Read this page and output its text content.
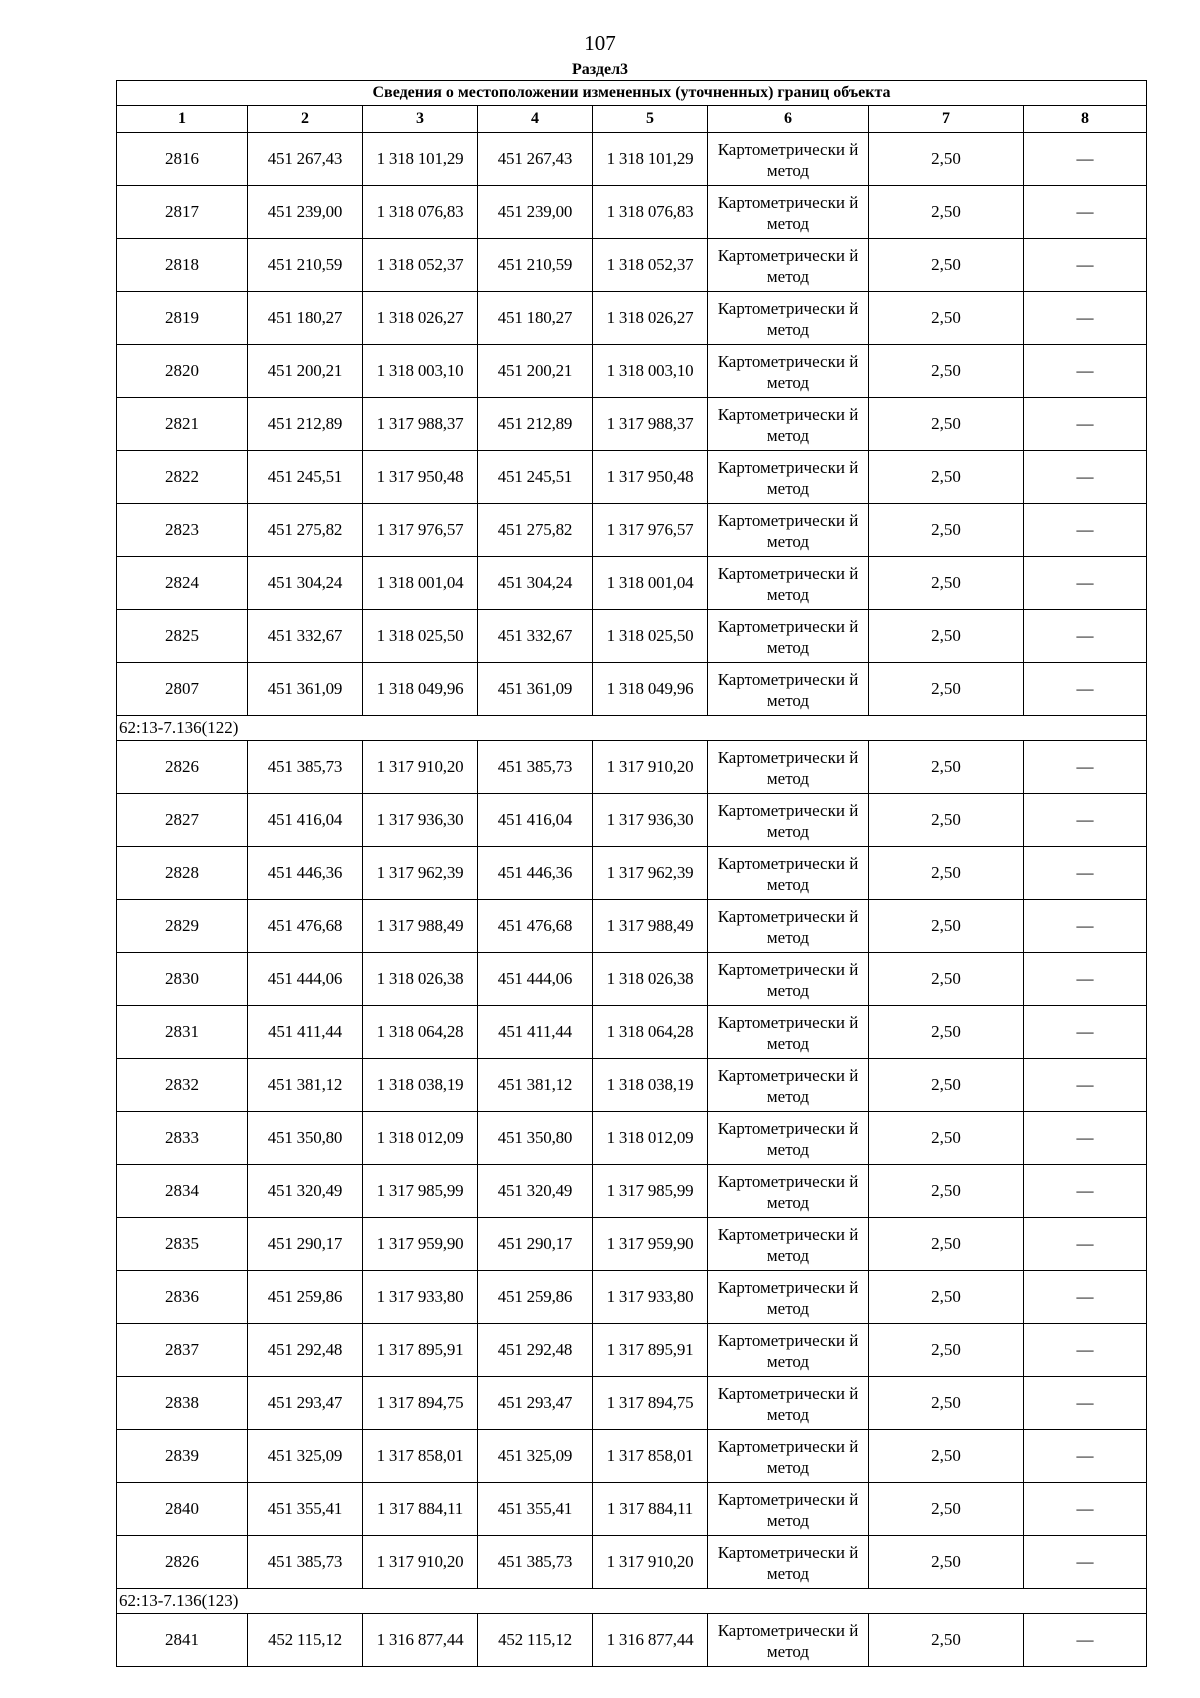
107
Раздел3
Сведения о местоположении измененных (уточненных) границ объекта							
1	2	3	4	5	6	7	8
2816	451 267,43	1 318 101,29	451 267,43	1 318 101,29	Картометрически й метод	2,50	—
2817	451 239,00	1 318 076,83	451 239,00	1 318 076,83	Картометрически й метод	2,50	—
2818	451 210,59	1 318 052,37	451 210,59	1 318 052,37	Картометрически й метод	2,50	—
2819	451 180,27	1 318 026,27	451 180,27	1 318 026,27	Картометрически й метод	2,50	—
2820	451 200,21	1 318 003,10	451 200,21	1 318 003,10	Картометрически й метод	2,50	—
2821	451 212,89	1 317 988,37	451 212,89	1 317 988,37	Картометрически й метод	2,50	—
2822	451 245,51	1 317 950,48	451 245,51	1 317 950,48	Картометрически й метод	2,50	—
2823	451 275,82	1 317 976,57	451 275,82	1 317 976,57	Картометрически й метод	2,50	—
2824	451 304,24	1 318 001,04	451 304,24	1 318 001,04	Картометрически й метод	2,50	—
2825	451 332,67	1 318 025,50	451 332,67	1 318 025,50	Картометрически й метод	2,50	—
2807	451 361,09	1 318 049,96	451 361,09	1 318 049,96	Картометрически й метод	2,50	—
62:13-7.136(122)							
2826	451 385,73	1 317 910,20	451 385,73	1 317 910,20	Картометрически й метод	2,50	—
2827	451 416,04	1 317 936,30	451 416,04	1 317 936,30	Картометрически й метод	2,50	—
2828	451 446,36	1 317 962,39	451 446,36	1 317 962,39	Картометрически й метод	2,50	—
2829	451 476,68	1 317 988,49	451 476,68	1 317 988,49	Картометрически й метод	2,50	—
2830	451 444,06	1 318 026,38	451 444,06	1 318 026,38	Картометрически й метод	2,50	—
2831	451 411,44	1 318 064,28	451 411,44	1 318 064,28	Картометрически й метод	2,50	—
2832	451 381,12	1 318 038,19	451 381,12	1 318 038,19	Картометрически й метод	2,50	—
2833	451 350,80	1 318 012,09	451 350,80	1 318 012,09	Картометрически й метод	2,50	—
2834	451 320,49	1 317 985,99	451 320,49	1 317 985,99	Картометрически й метод	2,50	—
2835	451 290,17	1 317 959,90	451 290,17	1 317 959,90	Картометрически й метод	2,50	—
2836	451 259,86	1 317 933,80	451 259,86	1 317 933,80	Картометрически й метод	2,50	—
2837	451 292,48	1 317 895,91	451 292,48	1 317 895,91	Картометрически й метод	2,50	—
2838	451 293,47	1 317 894,75	451 293,47	1 317 894,75	Картометрически й метод	2,50	—
2839	451 325,09	1 317 858,01	451 325,09	1 317 858,01	Картометрически й метод	2,50	—
2840	451 355,41	1 317 884,11	451 355,41	1 317 884,11	Картометрически й метод	2,50	—
2826	451 385,73	1 317 910,20	451 385,73	1 317 910,20	Картометрически й метод	2,50	—
62:13-7.136(123)							
2841	452 115,12	1 316 877,44	452 115,12	1 316 877,44	Картометрически й метод	2,50	—
